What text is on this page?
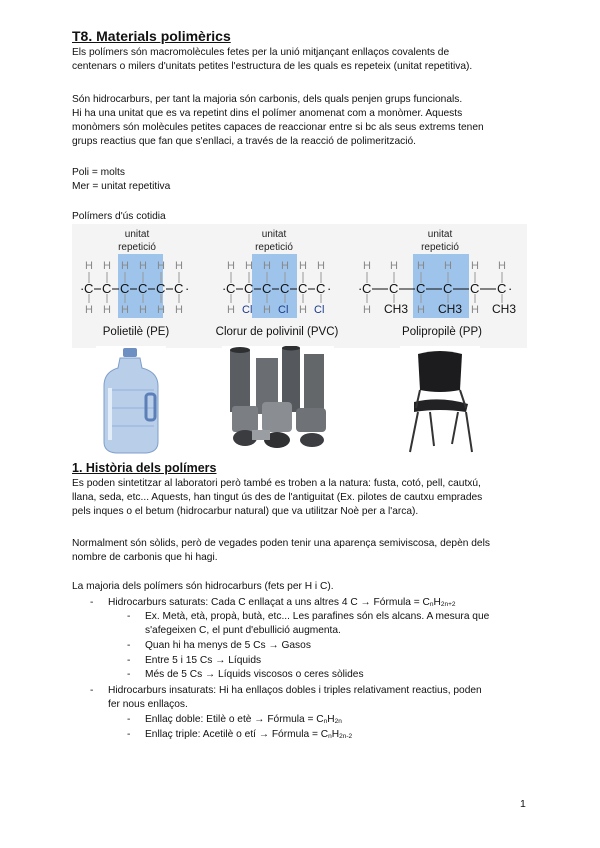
T8. Materials polimèrics
Els polímers són macromolècules fetes per la unió mitjançant enllaços covalents de
centenars o milers d'unitats petites l'estructura de les quals es repeteix (unitat repetitiva).
Són hidrocarburs, per tant la majoria són carbonis, dels quals penjen grups funcionals.
Hi ha una unitat que es va repetint dins el polímer anomenat com a monòmer. Aquests
monòmers són molècules petites capaces de reaccionar entre si bc als seus extrems tenen
grups reactius que fan que s'enllaci, a través de la reacció de polimerització.
Poli = molts
Mer = unitat repetitiva
Polímers d'ús cotidia
unitat
repetició
H H H H H H
H H H H H H
· C C C C C C ·
Polietilè (PE)
unitat
repetició
H H H H H H
H	H	H
Cl Cl Cl
· C C C C C C ·
Clorur de polivinil (PVC)
unitat
repetició
H H H H H H
H	H	H
CH3 CH3 CH3
· C C C C C C ·
Polipropilè (PP)
1. Història dels polímers
Es poden sintetitzar al laboratori però també es troben a la natura: fusta, cotó, pell, cautxú,
llana, seda, etc... Aquests, han tingut ús des de l'antiguitat (Ex. pilotes de cautxu emprades
pels inques o el betum (hidrocarbur natural) que va utilitzar Noè per a l'arca).
Normalment són sòlids, però de vegades poden tenir una aparença semiviscosa, depèn dels
nombre de carbonis que hi hagi.
La majoria dels polímers són hidrocarburs (fets per H i C).
- Hidrocarburs saturats: Cada C enllaçat a uns altres 4 C → Fórmula = $C_nH_{2n+2}$
- Ex. Metà, età, propà, butà, etc... Les parafines són els alcans. A mesura que
s'afegeixen C, el punt d'ebullició augmenta.
- Quan hi ha menys de 5 Cs → Gasos
- Entre 5 i 15 Cs → Líquids
- Més de 5 Cs → Líquids viscosos o ceres sòlides
- Hidrocarburs insaturats: Hi ha enllaços dobles i triples relativament reactius, poden
fer nous enllaços.
- Enllaç doble: Etilè o etè → Fórmula = $C_nH_{2n}$
- Enllaç triple: Acetilè o etí → Fórmula = $C_nH_{2n-2}$
1
